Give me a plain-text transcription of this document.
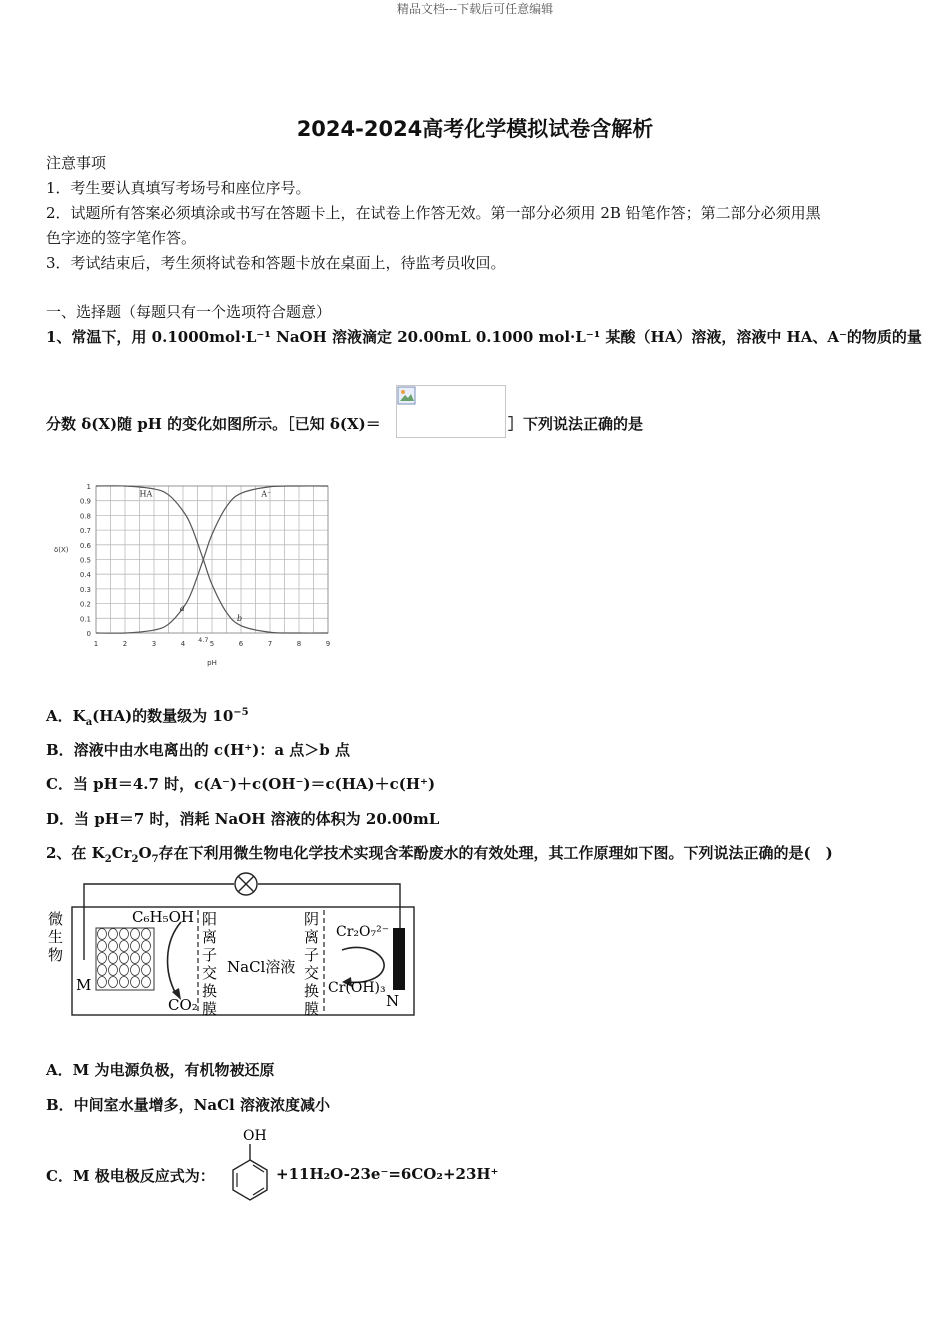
精品文档---下载后可任意编辑
2024-2024高考化学模拟试卷含解析
注意事项
1．考生要认真填写考场号和座位序号。
2．试题所有答案必须填涂或书写在答题卡上，在试卷上作答无效。第一部分必须用 2B 铅笔作答；第二部分必须用黑
色字迹的签字笔作答。
3．考试结束后，考生须将试卷和答题卡放在桌面上，待监考员收回。
一、选择题（每题只有一个选项符合题意）
1、常温下，用 0.1000mol·L⁻¹ NaOH 溶液滴定 20.00mL 0.1000 mol·L⁻¹ 某酸（HA）溶液，溶液中 HA、A⁻的物质的量
分数 δ(X)随 pH 的变化如图所示。［已知 δ(X)＝	］下列说法正确的是
0
0.1
0.2
0.3
0.4
0.5
0.6
0.7
0.8
0.9
1
1	2	3	4	5	6	7	8	9
HA	A⁻
4.7
a
b
δ(X)
pH
A．$K_a(HA)$的数量级为 $10^{-5}$
B．溶液中由水电离出的 c(H⁺)：a 点＞b 点
C．当 pH＝4.7 时，c(A⁻)＋c(OH⁻)＝c(HA)＋c(H⁺)
D．当 pH＝7 时，消耗 NaOH 溶液的体积为 20.00mL
2、在 $K_2Cr_2O_7$存在下利用微生物电化学技术实现含苯酚废水的有效处理，其工作原理如下图。下列说法正确的是(　)
微
生
物
M
C₆H₅OH
CO₂
NaCl溶液
Cr₂O₇²⁻
Cr(OH)₃
N
阳
离
子
交
换
膜
阴
离
子
交
换
膜
A．M 为电源负极，有机物被还原
B．中间室水量增多，NaCl 溶液浓度减小
C．M 极电极反应式为：
OH
+11H₂O-23e⁻=6CO₂+23H⁺
